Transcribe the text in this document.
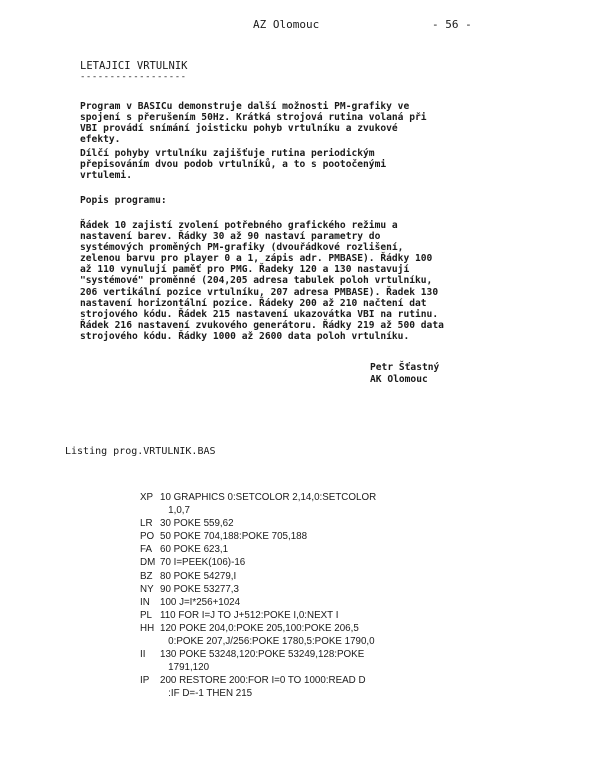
AZ Olomouc	- 56 -
LETAJICI VRTULNIK
------------------
Program v BASICu demonstruje další možnosti PM-grafiky ve
spojení s přerušením 50Hz. Krátká strojová rutina volaná při
VBI provádí snímání joisticku pohyb vrtulníku a zvukové
efekty.
Dílčí pohyby vrtulníku zajišťuje rutina periodickým
přepisováním dvou podob vrtulníků, a to s pootočenými
vrtulemi.
Popis programu:
Řádek 10 zajistí zvolení potřebného grafického režimu a
nastavení barev. Řádky 30 až 90 nastaví parametry do
systémových proměných PM-grafiky (dvouřádkové rozlišení,
zelenou barvu pro player 0 a 1, zápis adr. PMBASE). Řádky 100
až 110 vynulují paměť pro PMG. Řadeky 120 a 130 nastavují
"systémové" proměnné (204,205 adresa tabulek poloh vrtulníku,
206 vertikální pozice vrtulníku, 207 adresa PMBASE). Řadek 130
nastavení horizontální pozice. Řádeky 200 až 210 načtení dat
strojového kódu. Řádek 215 nastavení ukazovátka VBI na rutinu.
Řádek 216 nastavení zvukového generátoru. Řádky 219 až 500 data
strojového kódu. Řádky 1000 až 2600 data poloh vrtulníku.
Petr Šťastný
AK Olomouc
Listing prog.VRTULNIK.BAS
XP 10 GRAPHICS 0:SETCOLOR 2,14,0:SETCOLOR
1,0,7
LR 30 POKE 559,62
PO 50 POKE 704,188:POKE 705,188
FA 60 POKE 623,1
DM 70 I=PEEK(106)-16
BZ 80 POKE 54279,I
NY 90 POKE 53277,3
IN	100 J=I*256+1024
PL 110 FOR I=J TO J+512:POKE I,0:NEXT I
HH 120 POKE 204,0:POKE 205,100:POKE 206,5
0:POKE 207,J/256:POKE 1780,5:POKE 1790,0
II	130 POKE 53248,120:POKE 53249,128:POKE
1791,120
IP	200 RESTORE 200:FOR I=0 TO 1000:READ D
:IF D=-1 THEN 215
